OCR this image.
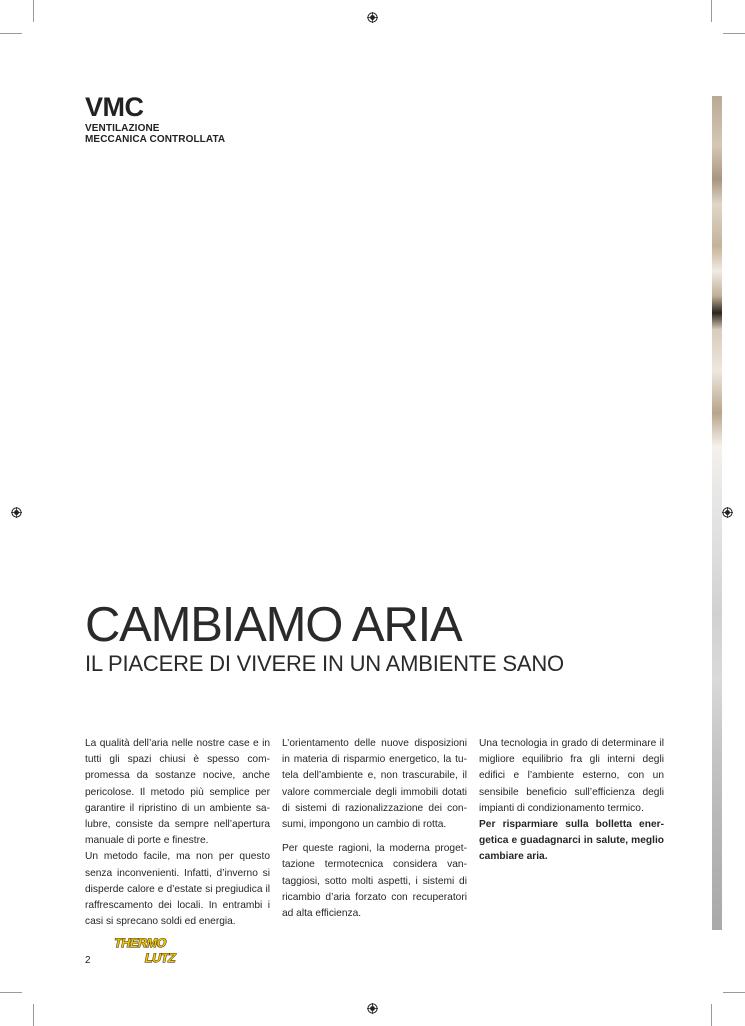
VMC
VENTILAZIONE
MECCANICA CONTROLLATA
CAMBIAMO ARIA
IL PIACERE DI VIVERE IN UN AMBIENTE SANO

La qualità dell’aria nelle nostre case e in tutti gli spazi chiusi è spesso compromessa da sostanze nocive, anche pericolose. Il metodo più semplice per garantire il ripristino di un ambiente salubre, consiste da sempre nell’apertura manuale di porte e finestre.

Un metodo facile, ma non per questo senza inconvenienti. Infatti, d’inverno si disperde calore e d’estate si pregiudica il raffrescamento dei locali. In entrambi i casi si sprecano soldi ed energia.

L’orientamento delle nuove disposizioni in materia di risparmio energetico, la tutela dell’ambiente e, non trascurabile, il valore commerciale degli immobili dotati di sistemi di razionalizzazione dei consumi, impongono un cambio di rotta.

Per queste ragioni, la moderna progettazione termotecnica considera vantaggiosi, sotto molti aspetti, i sistemi di ricambio d’aria forzato con recuperatori ad alta efficienza.

Una tecnologia in grado di determinare il migliore equilibrio fra gli interni degli edifici e l’ambiente esterno, con un sensibile beneficio sull’efficienza degli impianti di condizionamento termico.

Per risparmiare sulla bolletta energetica e guadagnarci in salute, meglio cambiare aria.

THERMO
LUTZ
2
